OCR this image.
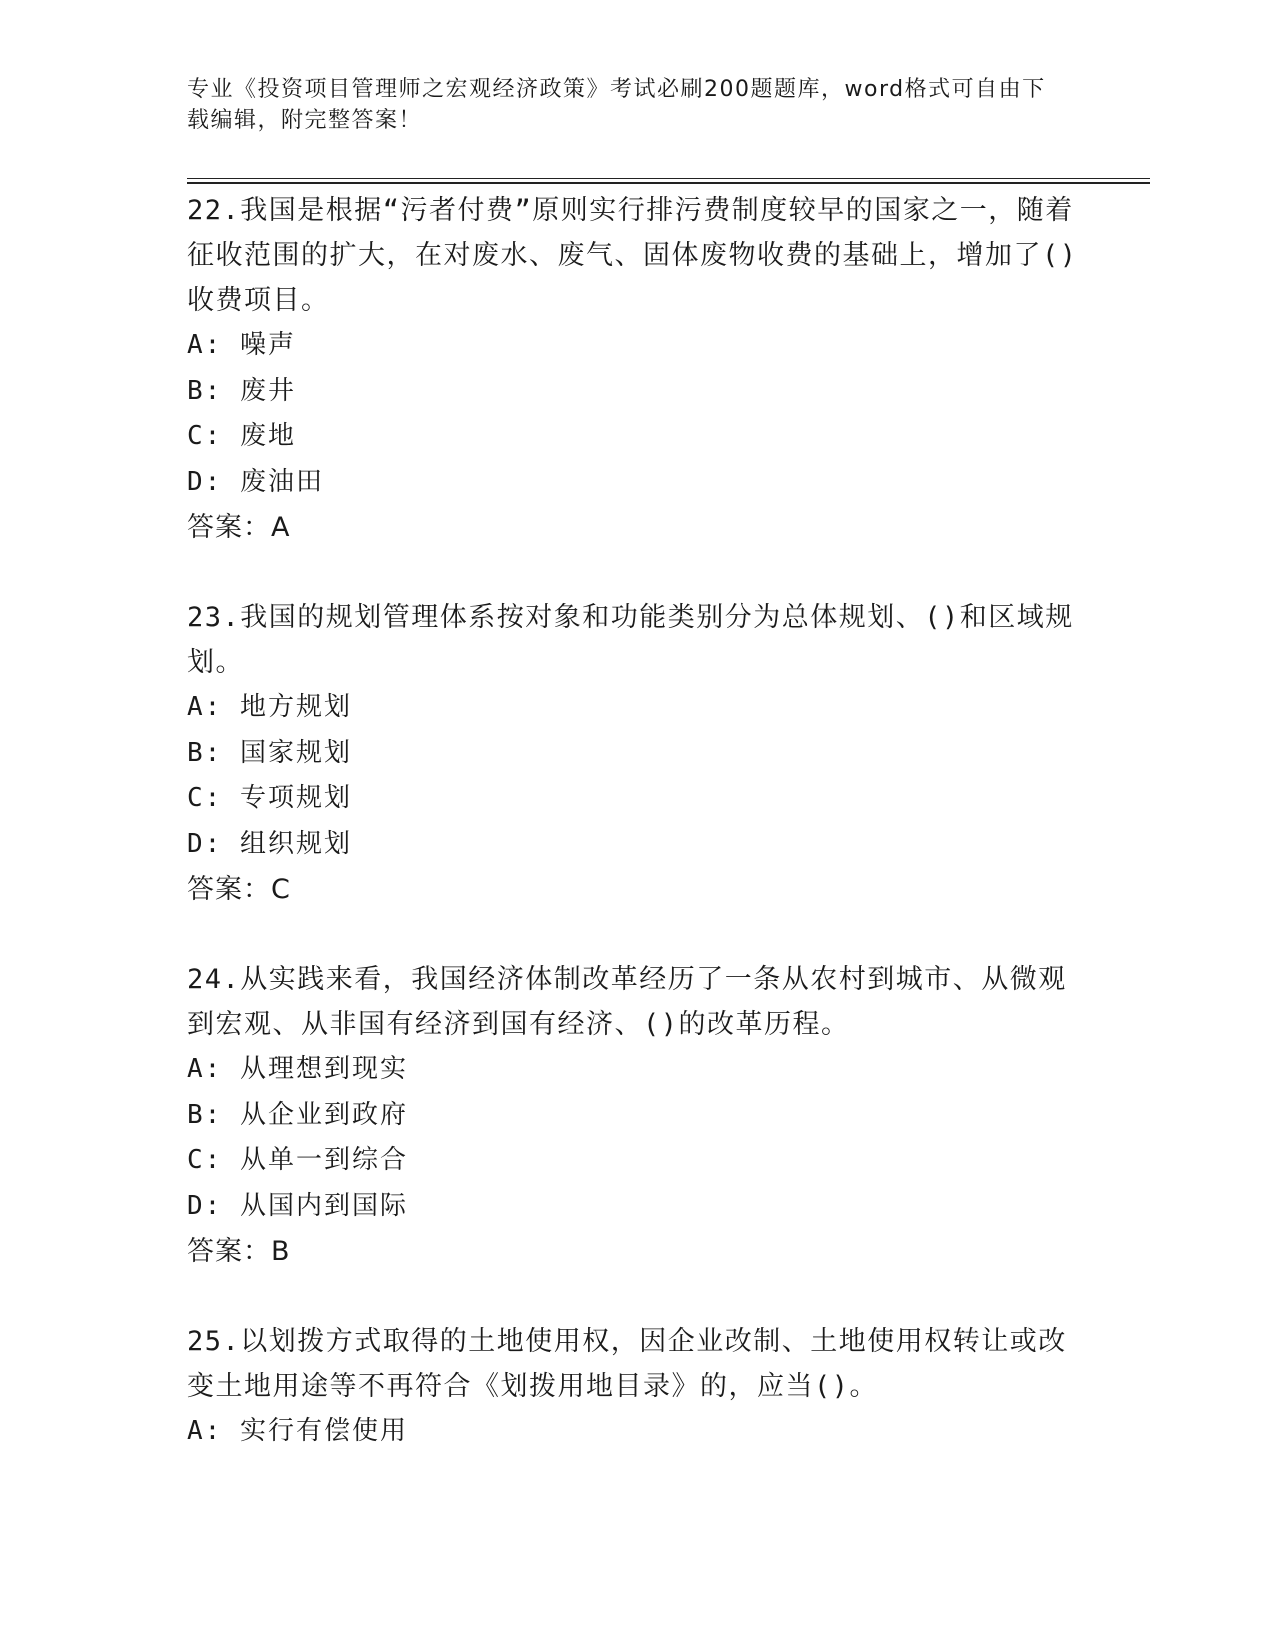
专业《投资项目管理师之宏观经济政策》考试必刷200题题库，word格式可自由下载编辑，附完整答案！

22.我国是根据“污者付费”原则实行排污费制度较早的国家之一，随着征收范围的扩大，在对废水、废气、固体废物收费的基础上，增加了()收费项目。

A: 噪声
B: 废井
C: 废地
D: 废油田
答案：A

23.我国的规划管理体系按对象和功能类别分为总体规划、()和区域规划。

A: 地方规划
B: 国家规划
C: 专项规划
D: 组织规划
答案：C

24.从实践来看，我国经济体制改革经历了一条从农村到城市、从微观到宏观、从非国有经济到国有经济、()的改革历程。

A: 从理想到现实
B: 从企业到政府
C: 从单一到综合
D: 从国内到国际
答案：B

25.以划拨方式取得的土地使用权，因企业改制、土地使用权转让或改变土地用途等不再符合《划拨用地目录》的，应当()。

A: 实行有偿使用
